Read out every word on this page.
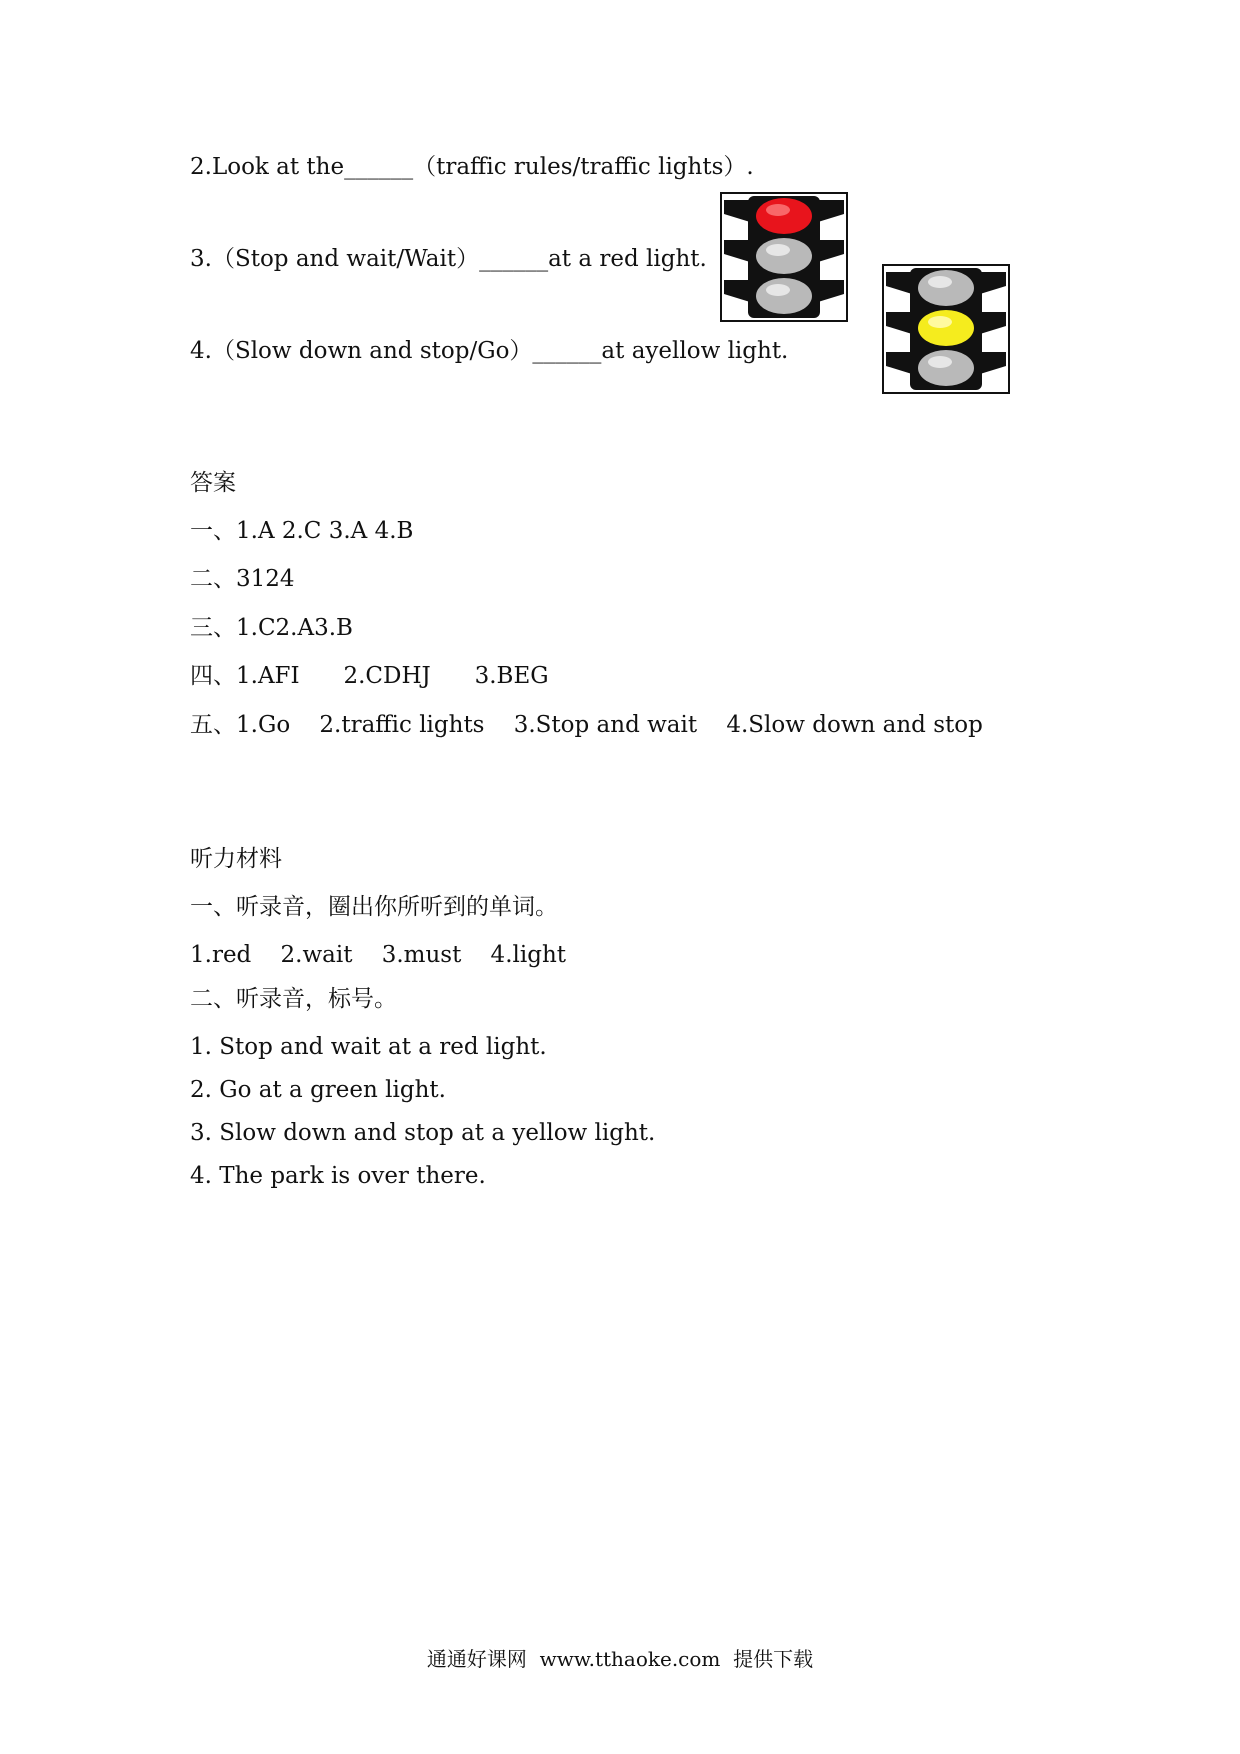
2.Look at the______（traffic rules/traffic lights）.
3.（Stop and wait/Wait）______at a red light.
4.（Slow down and stop/Go）______at ayellow light.
答案
一、1.A 2.C 3.A 4.B
二、3124
三、1.C2.A3.B
四、1.AFI      2.CDHJ      3.BEG
五、1.Go    2.traffic lights    3.Stop and wait    4.Slow down and stop
听力材料
一、听录音，圈出你所听到的单词。
1.red    2.wait    3.must    4.light
二、听录音，标号。
1. Stop and wait at a red light.
2. Go at a green light.
3. Slow down and stop at a yellow light.
4. The park is over there.
通通好课网  www.tthaoke.com  提供下载
